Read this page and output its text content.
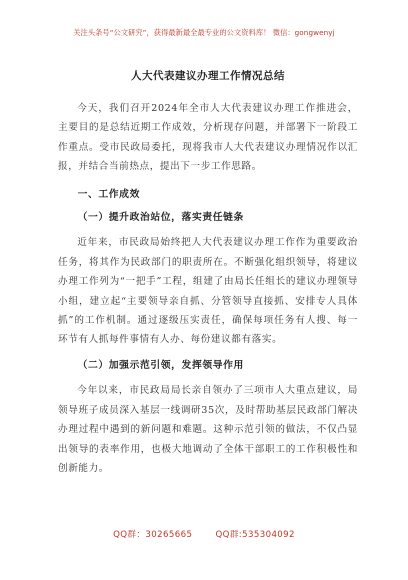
关注头条号“公文研究”，获得最新最全最专业的公文资料库！ 微信：gongwenyj
人大代表建议办理工作情况总结

今天，我们召开2024年全市人大代表建议办理工作推进会，主要目的是总结近期工作成效，分析现存问题，并部署下一阶段工作重点。受市民政局委托，现将我市人大代表建议办理情况作以汇报，并结合当前热点，提出下一步工作思路。

一、工作成效
（一）提升政治站位，落实责任链条

近年来，市民政局始终把人大代表建议办理工作作为重要政治任务，将其作为民政部门的职责所在。不断强化组织领导，将建议办理工作列为“一把手”工程，组建了由局长任组长的建议办理领导小组，建立起“主要领导亲自抓、分管领导直接抓、安排专人具体抓”的工作机制。通过逐级压实责任，确保每项任务有人搜、每一环节有人抓每件事情有人办、每份建议都有落实。

（二）加强示范引领，发挥领导作用

今年以来，市民政局局长亲自领办了三项市人大重点建议，局领导班子成员深入基层一线调研35次，及时帮助基层民政部门解决办理过程中遇到的新问题和难题。这种示范引领的做法，不仅凸显出领导的表率作用，也极大地调动了全体干部职工的工作积极性和创新能力。

QQ群：30265665	QQ群:535304092
